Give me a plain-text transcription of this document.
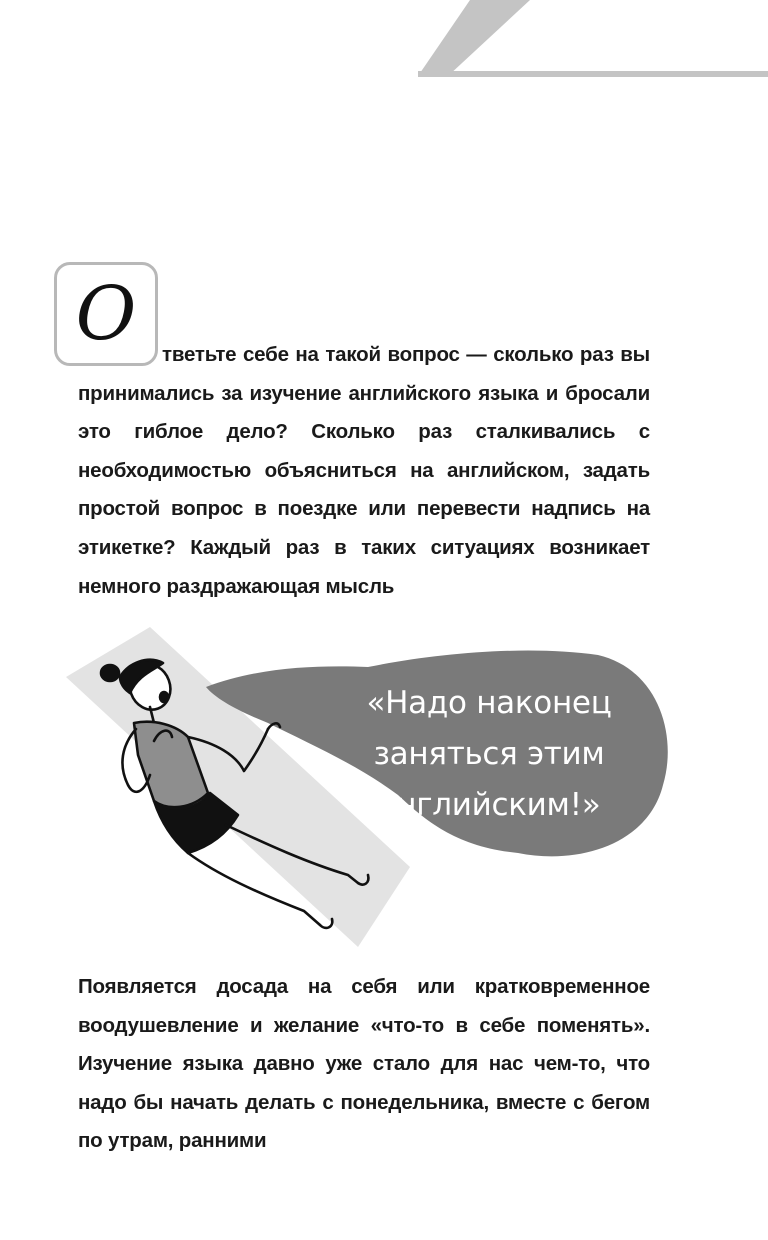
О	тветьте себе на такой вопрос — сколько раз вы принимались за изучение английского языка и бросали это гиблое дело? Сколько раз сталкивались с необходимостью объясниться на английском, задать простой вопрос в поездке или перевести надпись на этикетке? Каждый раз в таких ситуациях возникает немного раздражающая мысль

«Надо наконец
заняться этим
английским!»

Появляется досада на себя или кратковременное воодушевление и желание «что-то в себе поменять». Изучение языка давно уже стало для нас чем-то, что надо бы начать делать с понедельника, вместе с бегом по утрам, ранними
